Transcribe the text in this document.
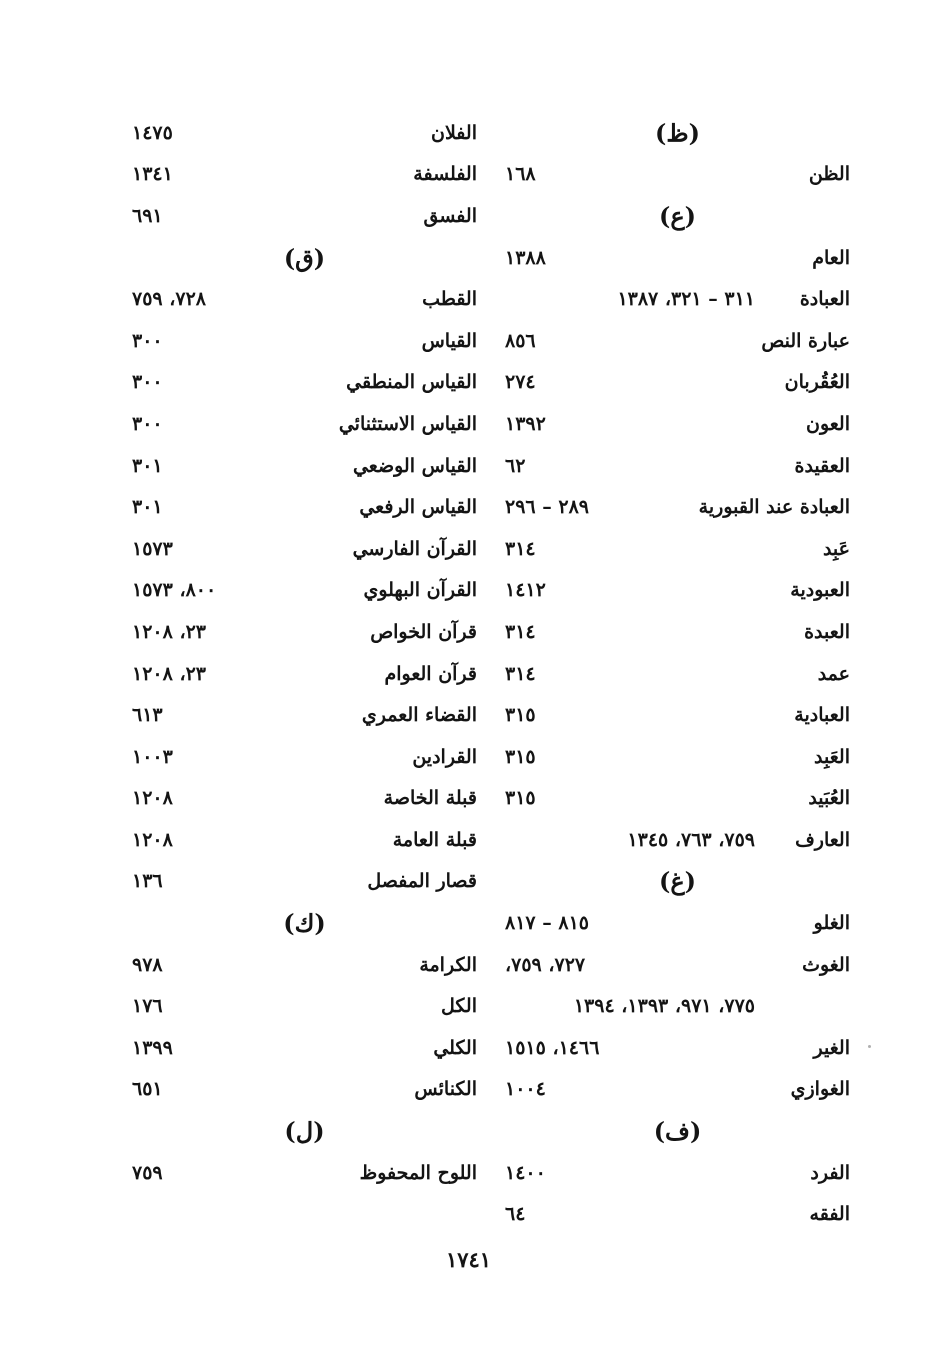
(ظ)
الظن
١٦٨
(ع)
العام
١٣٨٨
العبادة
٣١١ – ٣٢١، ١٣٨٧
عبارة النص
٨٥٦
العُقُربان
٢٧٤
العون
١٣٩٢
العقيدة
٦٢
العبادة عند القبورية
٢٨٩ – ٢٩٦
عَبِد
٣١٤
العبودية
١٤١٢
العبدة
٣١٤
عمد
٣١٤
العبادية
٣١٥
العَبِد
٣١٥
العُبَيد
٣١٥
العارف
٧٥٩، ٧٦٣، ١٣٤٥
(غ)
الغلو
٨١٥ – ٨١٧
الغوث
٧٢٧، ٧٥٩،
٧٧٥، ٩٧١، ١٣٩٣، ١٣٩٤
الغير
١٤٦٦، ١٥١٥
الغوازي
١٠٠٤
(ف)
الفرد
١٤٠٠
الفقه
٦٤
الفلان
١٤٧٥
الفلسفة
١٣٤١
الفسق
٦٩١
(ق)
القطب
٧٢٨، ٧٥٩
القياس
٣٠٠
القياس المنطقي
٣٠٠
القياس الاستثنائي
٣٠٠
القياس الوضعي
٣٠١
القياس الرفعي
٣٠١
القرآن الفارسي
١٥٧٣
القرآن البهلوي
٨٠٠، ١٥٧٣
قرآن الخواص
٢٣، ١٢٠٨
قرآن العوام
٢٣، ١٢٠٨
القضاء العمري
٦١٣
القرادين
١٠٠٣
قبلة الخاصة
١٢٠٨
قبلة العامة
١٢٠٨
قصار المفصل
١٣٦
(ك)
الكرامة
٩٧٨
الكل
١٧٦
الكلي
١٣٩٩
الكنائس
٦٥١
(ل)
اللوح المحفوظ
٧٥٩
١٧٤١
